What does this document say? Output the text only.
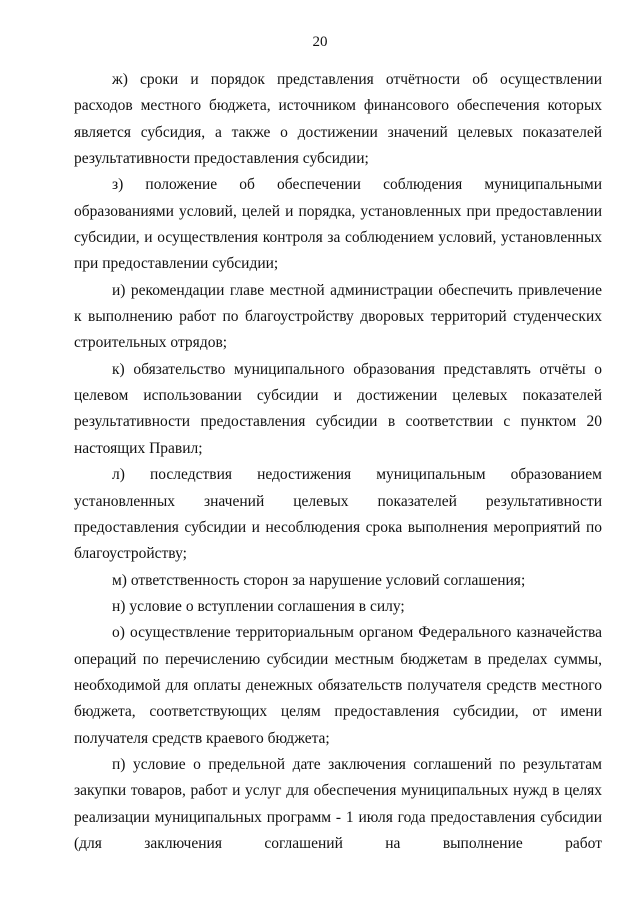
20

ж) сроки и порядок представления отчётности об осуществлении расходов местного бюджета, источником финансового обеспечения которых является субсидия, а также о достижении значений целевых показателей результативности предоставления субсидии;

з) положение об обеспечении соблюдения муниципальными образованиями условий, целей и порядка, установленных при предоставлении субсидии, и осуществления контроля за соблюдением условий, установленных при предоставлении субсидии;

и) рекомендации главе местной администрации обеспечить привлечение к выполнению работ по благоустройству дворовых территорий студенческих строительных отрядов;

к) обязательство муниципального образования представлять отчёты о целевом использовании субсидии и достижении целевых показателей результативности предоставления субсидии в соответствии с пунктом 20 настоящих Правил;

л) последствия недостижения муниципальным образованием установленных значений целевых показателей результативности предоставления субсидии и несоблюдения срока выполнения мероприятий по благоустройству;

м) ответственность сторон за нарушение условий соглашения;

н) условие о вступлении соглашения в силу;

о) осуществление территориальным органом Федерального казначейства операций по перечислению субсидии местным бюджетам в пределах суммы, необходимой для оплаты денежных обязательств получателя средств местного бюджета, соответствующих целям предоставления субсидии, от имени получателя средств краевого бюджета;

п) условие о предельной дате заключения соглашений по результатам закупки товаров, работ и услуг для обеспечения муниципальных нужд в целях реализации муниципальных программ - 1 июля года предоставления субсидии (для заключения соглашений на выполнение работ
